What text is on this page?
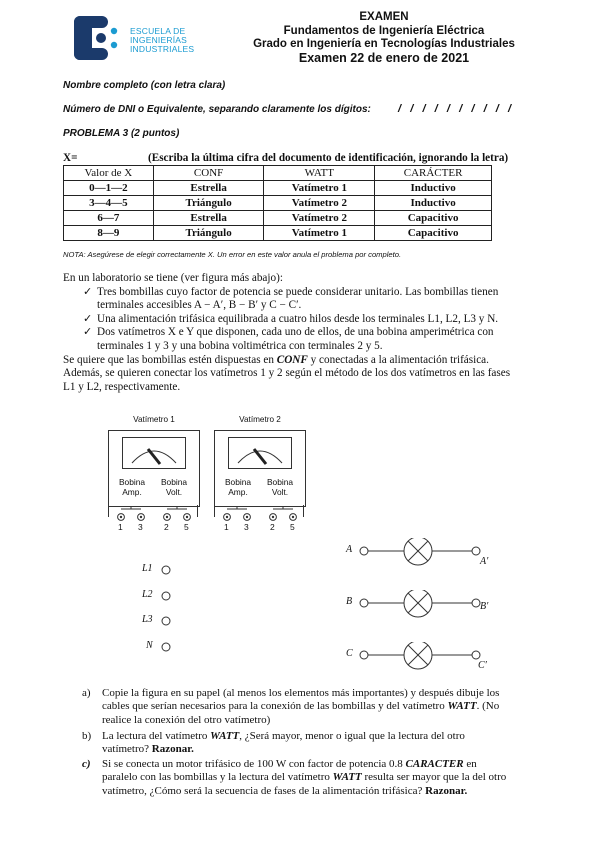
ESCUELA DE
INGENIERÍAS
INDUSTRIALES
EXAMEN
Fundamentos de Ingeniería Eléctrica
Grado en Ingeniería en Tecnologías Industriales
Examen 22 de enero de 2021
Nombre completo (con letra clara)
Número de DNI o Equivalente, separando claramente los dígitos: /   /   /   /   /   /   /   /   /   /
PROBLEMA 3 (2 puntos)
X=	(Escriba la última cifra del documento de identificación, ignorando la letra)
Valor de X	CONF	WATT	CARÁCTER
0—1—2	Estrella	Vatímetro 1	Inductivo
3—4—5	Triángulo	Vatímetro 2	Inductivo
6—7	Estrella	Vatímetro 2	Capacitivo
8—9	Triángulo	Vatímetro 1	Capacitivo
NOTA: Asegúrese de elegir correctamente X. Un error en este valor anula el problema por completo.
En un laboratorio se tiene (ver figura más abajo):
✓ Tres bombillas cuyo factor de potencia se puede considerar unitario. Las bombillas tienen
terminales accesibles A − A′, B − B′ y C − C′.
✓ Una alimentación trifásica equilibrada a cuatro hilos desde los terminales L1, L2, L3 y N.
✓ Dos vatímetros X e Y que disponen, cada uno de ellos, de una bobina amperimétrica con
terminales 1 y 3 y una bobina voltimétrica con terminales 2 y 5.
Se quiere que las bombillas estén dispuestas en CONF y conectadas a la alimentación trifásica.
Además, se quieren conectar los vatímetros 1 y 2 según el método de los dos vatímetros en las fases
L1 y L2, respectivamente.
Vatímetro 1
Bobina
Amp.
Bobina
Volt.
1 3	2 5
Vatímetro 2
Bobina
Amp.
Bobina
Volt.
1 3	2 5
L1
L2
L3
N
A
A′
B	B′
C
C′
a) Copie la figura en su papel (al menos los elementos más importantes) y después dibuje los
cables que serían necesarios para la conexión de las bombillas y del vatímetro WATT. (No
realice la conexión del otro vatímetro)
b) La lectura del vatímetro WATT, ¿Será mayor, menor o igual que la lectura del otro
vatímetro? Razonar.
c) Si se conecta un motor trifásico de 100 W con factor de potencia 0.8 CARACTER en
paralelo con las bombillas y la lectura del vatímetro WATT resulta ser mayor que la del otro
vatímetro, ¿Cómo será la secuencia de fases de la alimentación trifásica? Razonar.
